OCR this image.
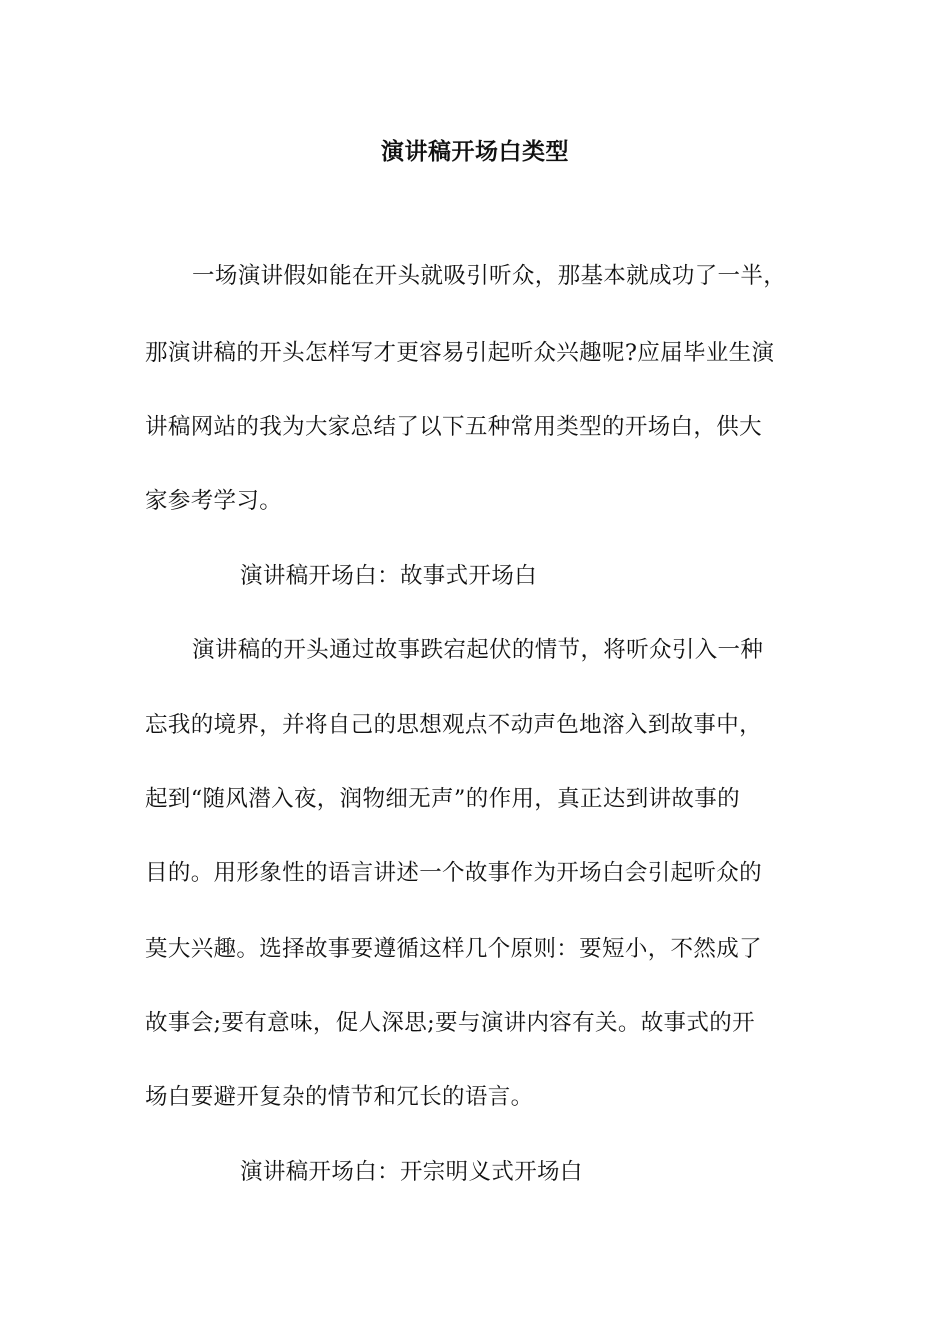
演讲稿开场白类型
一场演讲假如能在开头就吸引听众，那基本就成功了一半，
那演讲稿的开头怎样写才更容易引起听众兴趣呢?应届毕业生演
讲稿网站的我为大家总结了以下五种常用类型的开场白，供大
家参考学习。
演讲稿开场白：故事式开场白
演讲稿的开头通过故事跌宕起伏的情节，将听众引入一种
忘我的境界，并将自己的思想观点不动声色地溶入到故事中，
起到“随风潜入夜，润物细无声”的作用，真正达到讲故事的
目的。用形象性的语言讲述一个故事作为开场白会引起听众的
莫大兴趣。选择故事要遵循这样几个原则：要短小，不然成了
故事会;要有意味，促人深思;要与演讲内容有关。故事式的开
场白要避开复杂的情节和冗长的语言。
演讲稿开场白：开宗明义式开场白
